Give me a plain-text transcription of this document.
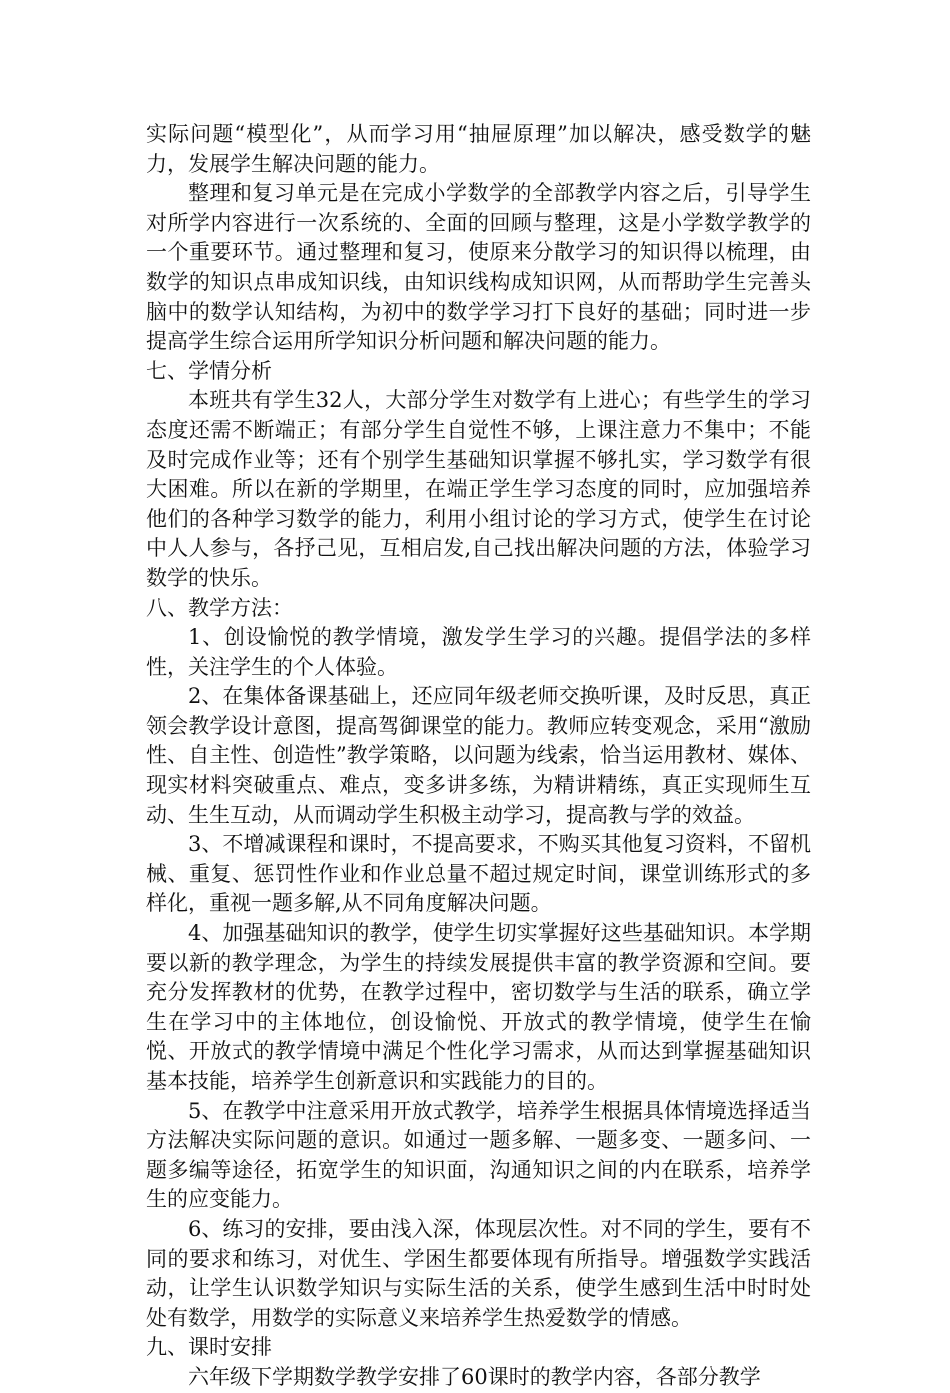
实际问题“模型化”，从而学习用“抽屉原理”加以解决，感受数学的魅力，发展学生解决问题的能力。

整理和复习单元是在完成小学数学的全部教学内容之后，引导学生对所学内容进行一次系统的、全面的回顾与整理，这是小学数学教学的一个重要环节。通过整理和复习，使原来分散学习的知识得以梳理，由数学的知识点串成知识线，由知识线构成知识网，从而帮助学生完善头脑中的数学认知结构，为初中的数学学习打下良好的基础；同时进一步提高学生综合运用所学知识分析问题和解决问题的能力。

七、学情分析

本班共有学生32人，大部分学生对数学有上进心；有些学生的学习态度还需不断端正；有部分学生自觉性不够，上课注意力不集中；不能及时完成作业等；还有个别学生基础知识掌握不够扎实，学习数学有很大困难。所以在新的学期里，在端正学生学习态度的同时，应加强培养他们的各种学习数学的能力，利用小组讨论的学习方式，使学生在讨论中人人参与，各抒己见，互相启发,自己找出解决问题的方法，体验学习数学的快乐。

八、教学方法：

1、创设愉悦的教学情境，激发学生学习的兴趣。提倡学法的多样性，关注学生的个人体验。

2、在集体备课基础上，还应同年级老师交换听课，及时反思，真正领会教学设计意图，提高驾御课堂的能力。教师应转变观念，采用“激励性、自主性、创造性”教学策略，以问题为线索，恰当运用教材、媒体、现实材料突破重点、难点，变多讲多练，为精讲精练，真正实现师生互动、生生互动，从而调动学生积极主动学习，提高教与学的效益。

3、不增减课程和课时，不提高要求，不购买其他复习资料，不留机械、重复、惩罚性作业和作业总量不超过规定时间，课堂训练形式的多样化，重视一题多解,从不同角度解决问题。

4、加强基础知识的教学，使学生切实掌握好这些基础知识。本学期要以新的教学理念，为学生的持续发展提供丰富的教学资源和空间。要充分发挥教材的优势，在教学过程中，密切数学与生活的联系，确立学生在学习中的主体地位，创设愉悦、开放式的教学情境，使学生在愉悦、开放式的教学情境中满足个性化学习需求，从而达到掌握基础知识基本技能，培养学生创新意识和实践能力的目的。

5、在教学中注意采用开放式教学，培养学生根据具体情境选择适当方法解决实际问题的意识。如通过一题多解、一题多变、一题多问、一题多编等途径，拓宽学生的知识面，沟通知识之间的内在联系，培养学生的应变能力。

6、练习的安排，要由浅入深，体现层次性。对不同的学生，要有不同的要求和练习，对优生、学困生都要体现有所指导。增强数学实践活动，让学生认识数学知识与实际生活的关系，使学生感到生活中时时处处有数学，用数学的实际意义来培养学生热爱数学的情感。

九、课时安排

六年级下学期数学教学安排了60课时的教学内容，各部分教学
